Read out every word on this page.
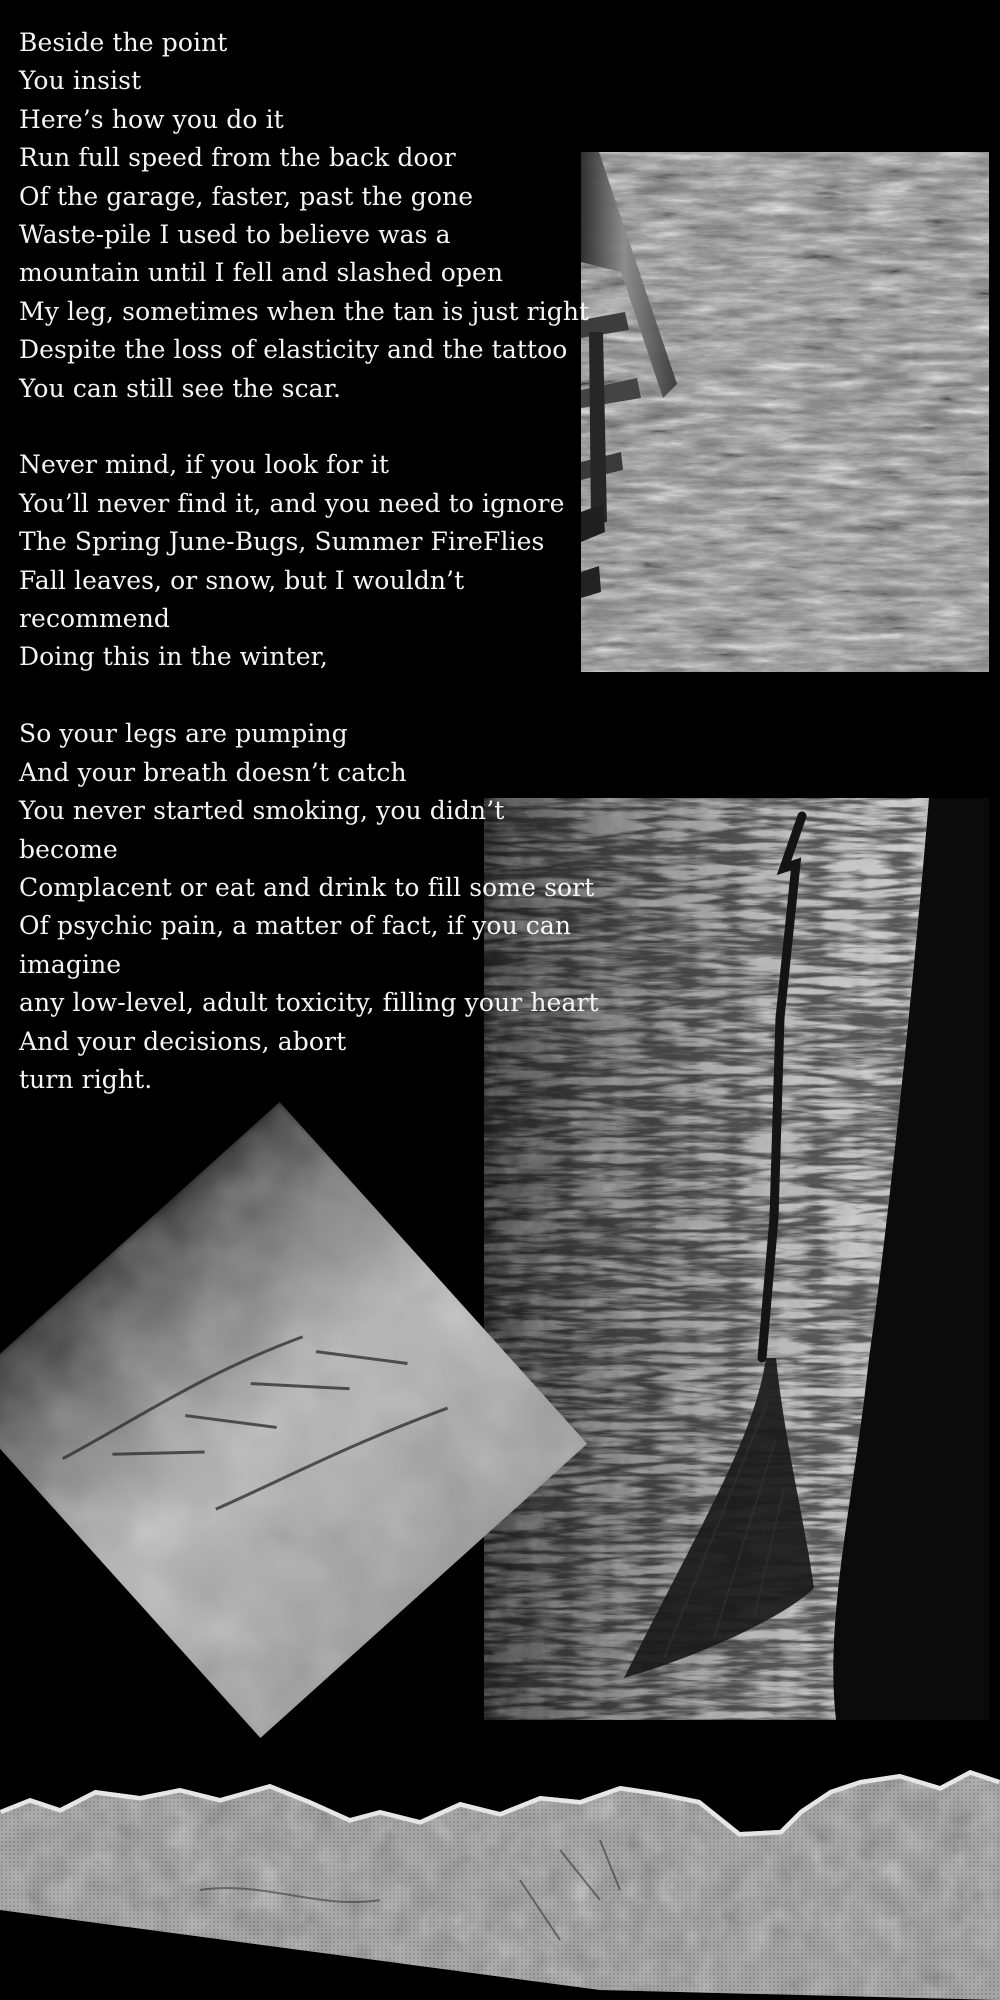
Beside the point
You insist
Here’s how you do it
Run full speed from the back door
Of the garage, faster, past the gone
Waste-pile I used to believe was a
mountain until I fell and slashed open
My leg, sometimes when the tan is just right
Despite the loss of elasticity and the tattoo
You can still see the scar.
Never mind, if you look for it
You’ll never find it, and you need to ignore
The Spring June-Bugs, Summer FireFlies
Fall leaves, or snow, but I wouldn’t
recommend
Doing this in the winter,
So your legs are pumping
And your breath doesn’t catch
You never started smoking, you didn’t
become
Complacent or eat and drink to fill some sort
Of psychic pain, a matter of fact, if you can
imagine
any low-level, adult toxicity, filling your heart
And your decisions, abort
turn right.
